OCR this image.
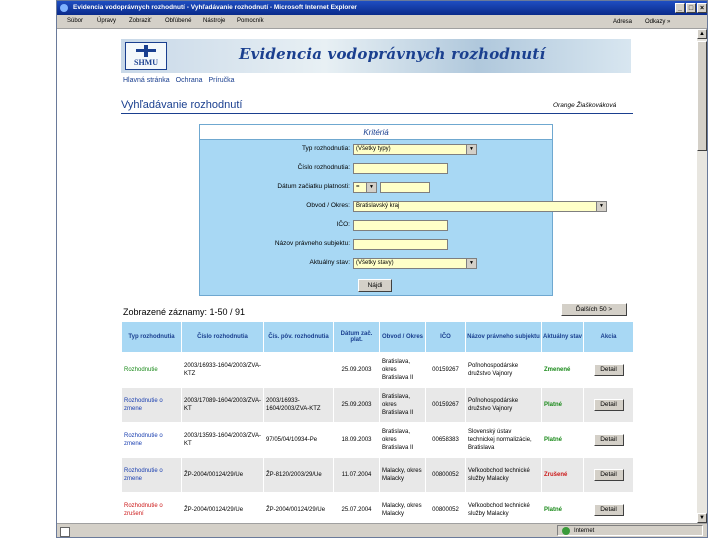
Evidencia vodoprávnych rozhodnutí - Vyhľadávanie rozhodnutí - Microsoft Internet Explorer	_ □ ×
Súbor Úpravy Zobraziť Obľúbené Nástroje Pomocník	Adresa Odkazy »
SHMU	Evidencia vodoprávnych rozhodnutí
Hlavná stránka Ochrana Príručka
Vyhľadávanie rozhodnutí	Orange Žiaškováková
Kritériá
Typ rozhodnutia:	(Všetky typy)	▼
Číslo rozhodnutia:
Dátum začiatku platnosti:	=	▼
Obvod / Okres:	Bratislavský kraj	▼
IČO:
Názov právneho subjektu:
Aktuálny stav:	(Všetky stavy)	▼
Nájdi
Zobrazené záznamy: 1-50 / 91	Ďalších 50 >
Typ rozhodnutia	Číslo rozhodnutia	Čís. pôv. rozhodnutia	Dátum zač. plat.	Obvod / Okres	IČO	Názov právneho subjektu	Aktuálny stav	Akcia
Rozhodnutie	2003/16933-1604/2003/ZVA-KTZ		25.09.2003	Bratislava, okres Bratislava II	00159267	Poľnohospodárske družstvo Vajnory	Zmenené	Detail
Rozhodnutie o zmene	2003/17089-1604/2003/ZVA-KT	2003/16933-1604/2003/ZVA-KTZ	25.09.2003	Bratislava, okres Bratislava II	00159267	Poľnohospodárske družstvo Vajnory	Platné	Detail
Rozhodnutie o zmene	2003/13593-1604/2003/ZVA-KT	97/05/04/10934-Pe	18.09.2003	Bratislava, okres Bratislava II	00658383	Slovenský ústav technickej normalizácie, Bratislava	Platné	Detail
Rozhodnutie o zmene	ŽP-2004/00124/29/Ue	ŽP-8120/2003/29/Ue	11.07.2004	Malacky, okres Malacky	00800052	Veľkoobchod technické služby Malacky	Zrušené	Detail
Rozhodnutie o zrušení	ŽP-2004/00124/29/Ue	ŽP-2004/00124/29/Ue	25.07.2004	Malacky, okres Malacky	00800052	Veľkoobchod technické služby Malacky	Platné	Detail
▲
▼
Internet
